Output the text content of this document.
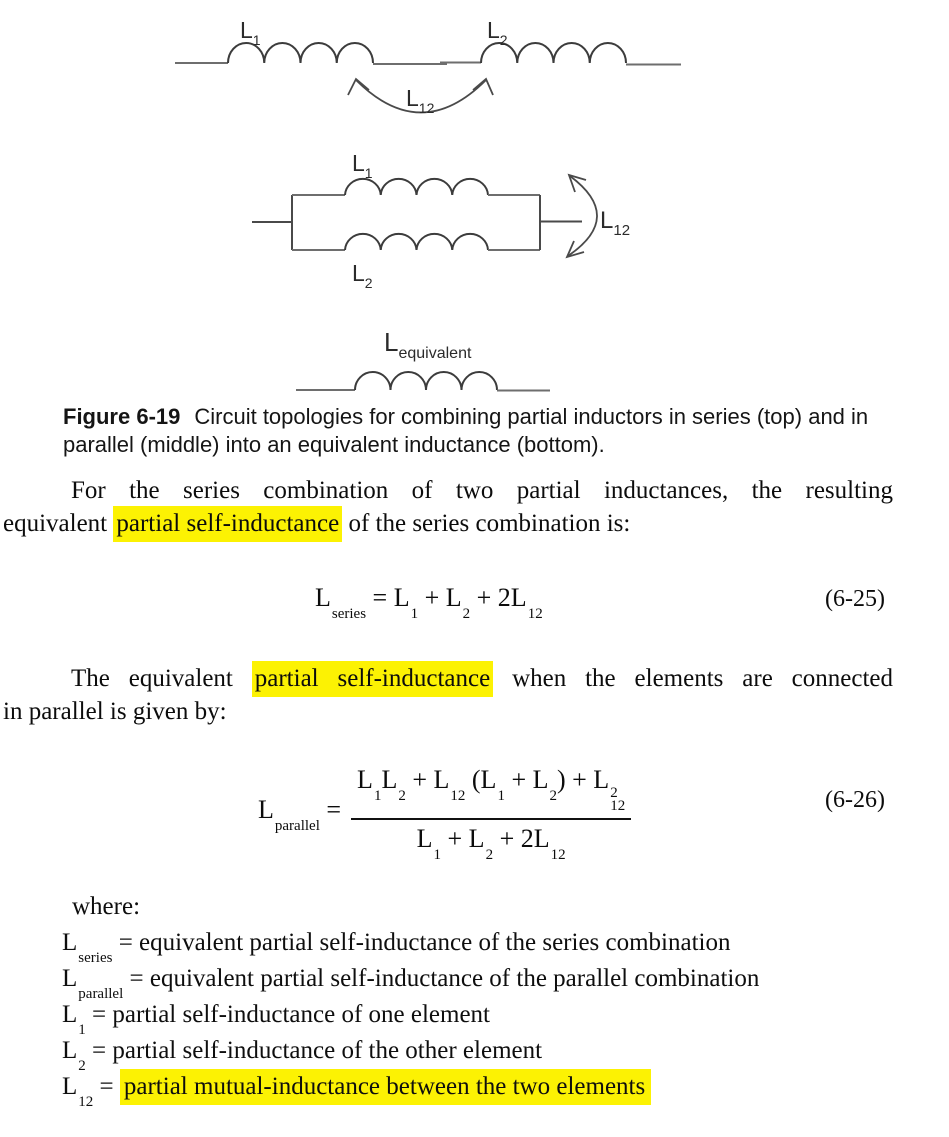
$L_1$	$L_2$
$L_{12}$
$L_1$
$L_2$
$L_{12}$
$L_{equivalent}$
Figure 6-19 Circuit topologies for combining partial inductors in series (top) and in parallel (middle) into an equivalent inductance (bottom).
For the series combination of two partial inductances, the resulting
equivalent partial self-inductance of the series combination is:
$L_{series} = L_1 + L_2 + 2L_{12}$
(6-25)
The equivalent partial self-inductance when the elements are connected
in parallel is given by:
$L_{parallel} = L_1L_2 + L_{12}$ $(L_1 + L_2) + L$ 2
12
$L_1 + L_2 + 2L_{12}$	(6-26)
where:
$L_{series}$ = equivalent partial self-inductance of the series combination
$L_{parallel}$ = equivalent partial self-inductance of the parallel combination
$L_1$ = partial self-inductance of one element
$L_2$ = partial self-inductance of the other element
$L_{12}$ = partial mutual-inductance between the two elements
